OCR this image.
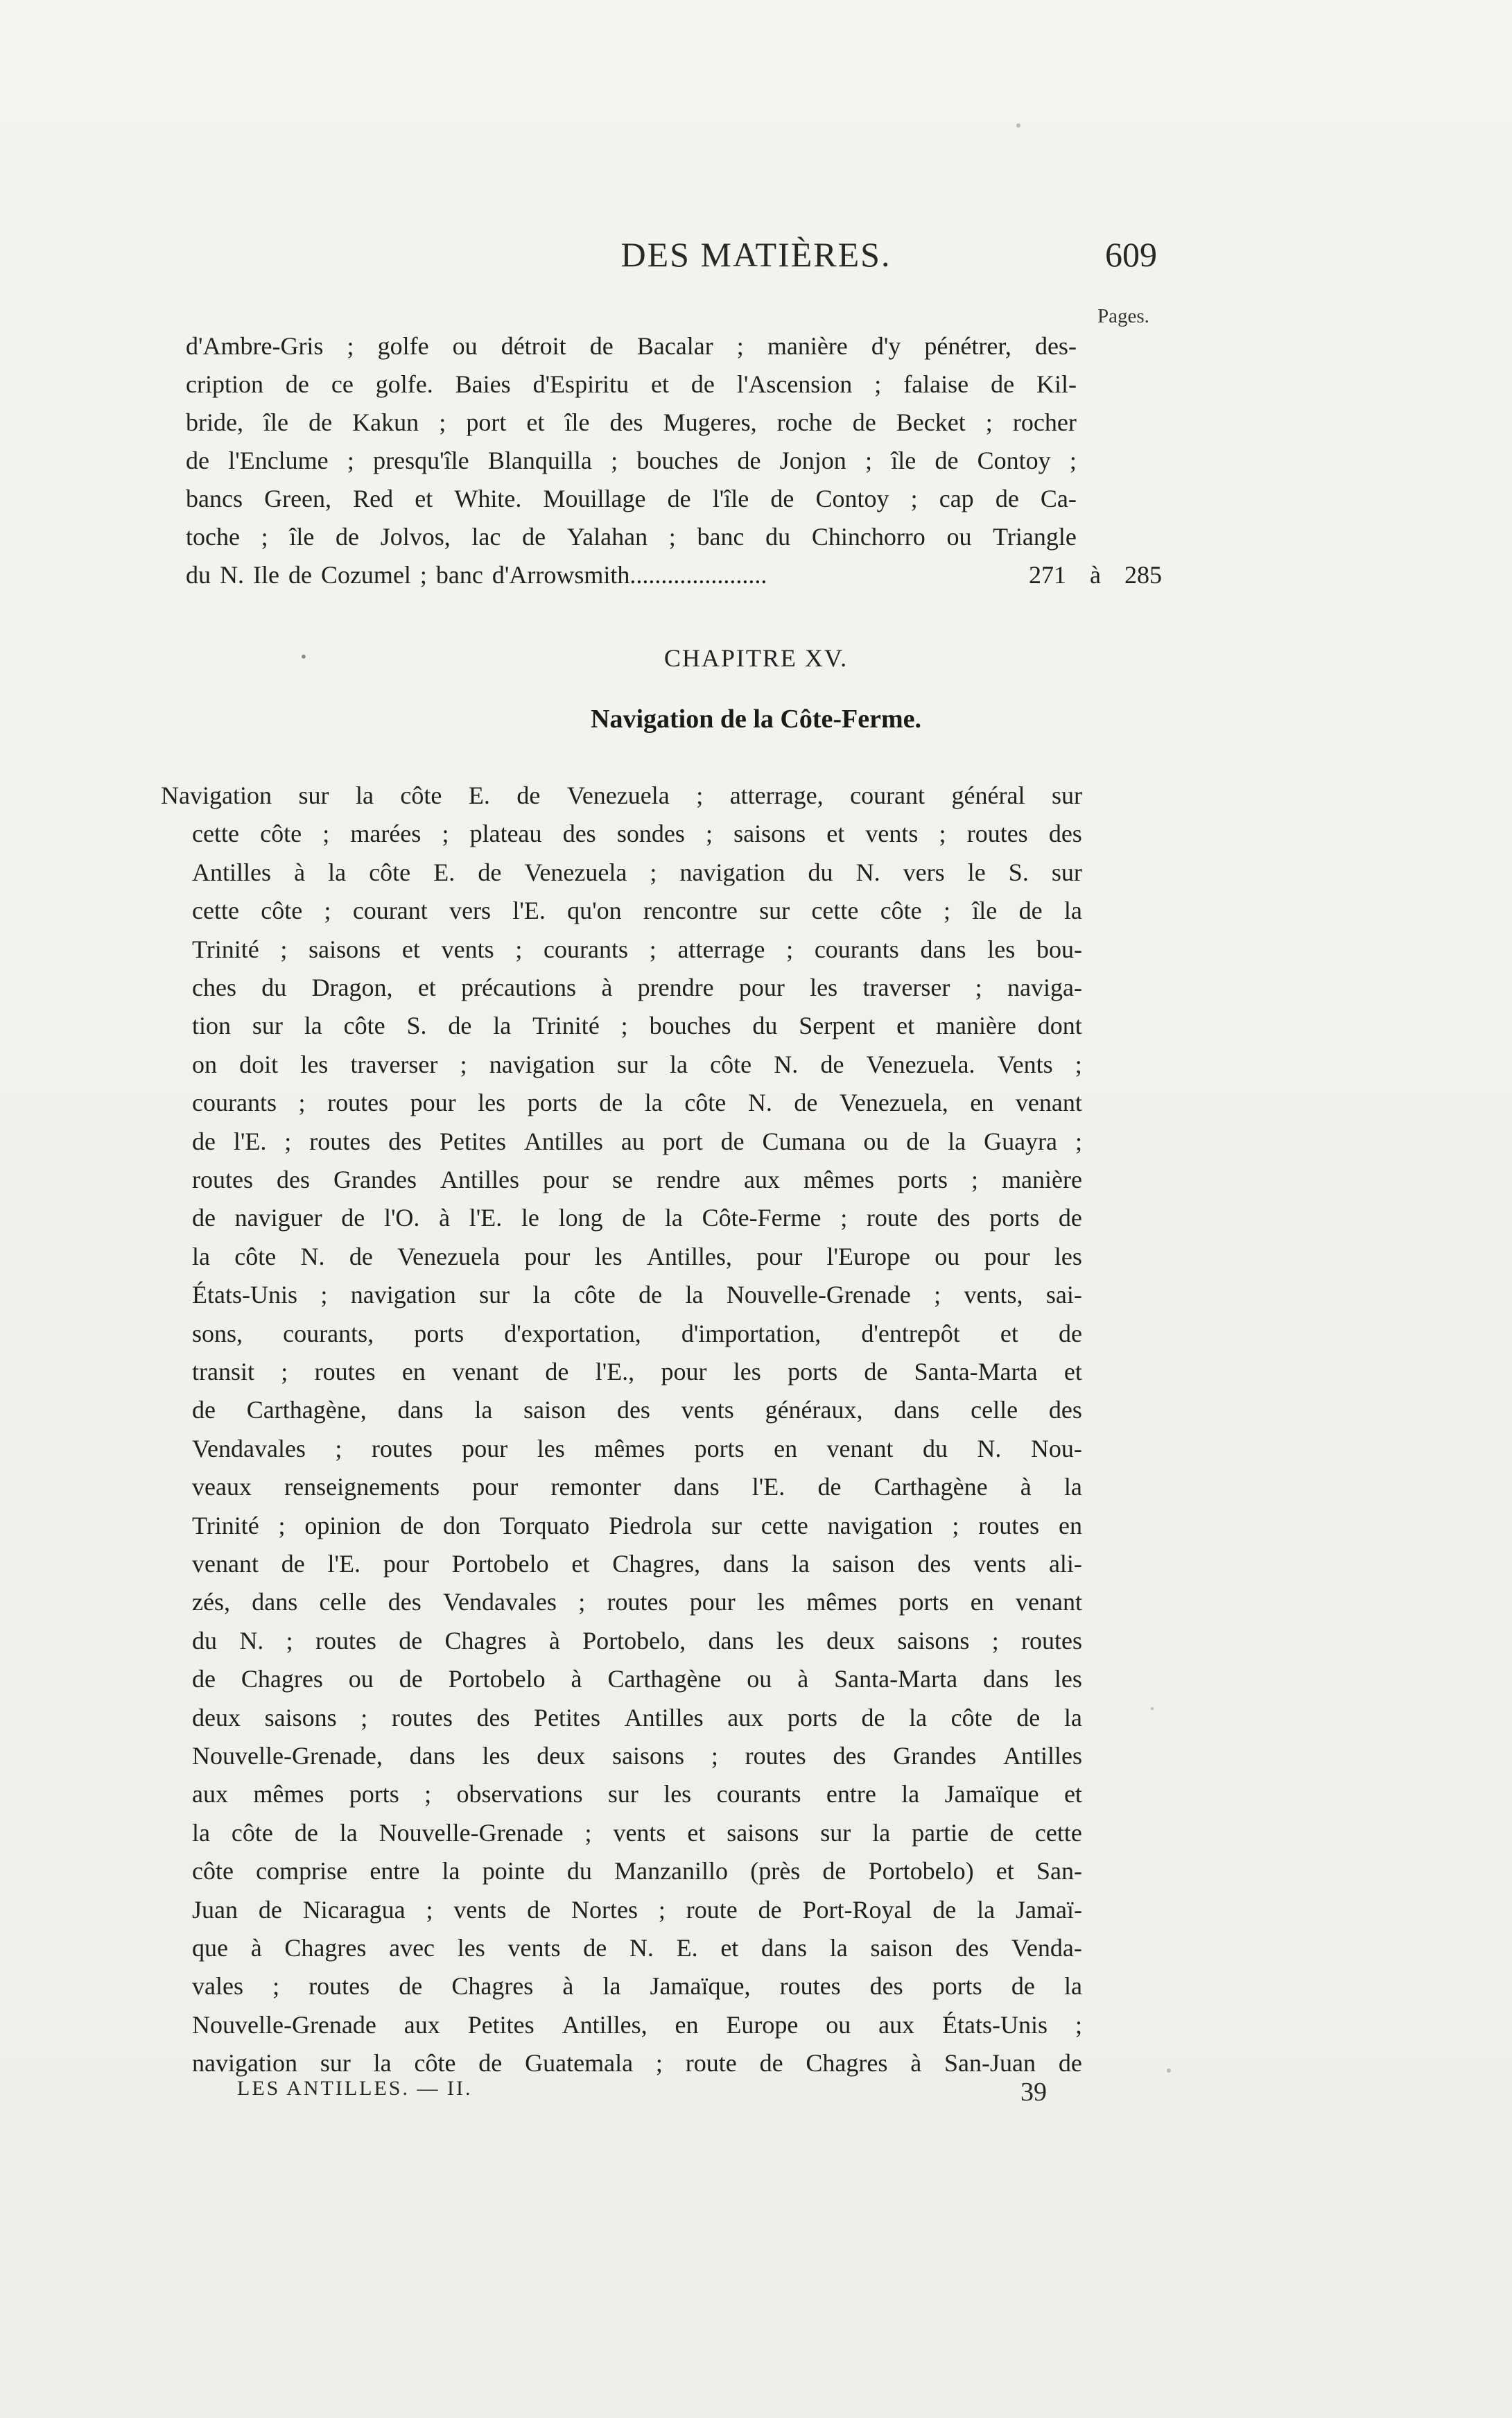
DES MATIÈRES.	609
Pages.
d'Ambre-Gris ; golfe ou détroit de Bacalar ; manière d'y pénétrer, des-
cription de ce golfe. Baies d'Espiritu et de l'Ascension ; falaise de Kil-
bride, île de Kakun ; port et île des Mugeres, roche de Becket ; rocher
de l'Enclume ; presqu'île Blanquilla ; bouches de Jonjon ; île de Contoy ;
bancs Green, Red et White. Mouillage de l'île de Contoy ; cap de Ca-
toche ; île de Jolvos, lac de Yalahan ; banc du Chinchorro ou Triangle
du N. Ile de Cozumel ; banc d'Arrowsmith......................	271 à 285
•	CHAPITRE XV.
Navigation de la Côte-Ferme.
Navigation sur la côte E. de Venezuela ; atterrage, courant général sur
cette côte ; marées ; plateau des sondes ; saisons et vents ; routes des
Antilles à la côte E. de Venezuela ; navigation du N. vers le S. sur
cette côte ; courant vers l'E. qu'on rencontre sur cette côte ; île de la
Trinité ; saisons et vents ; courants ; atterrage ; courants dans les bou-
ches du Dragon, et précautions à prendre pour les traverser ; naviga-
tion sur la côte S. de la Trinité ; bouches du Serpent et manière dont
on doit les traverser ; navigation sur la côte N. de Venezuela. Vents ;
courants ; routes pour les ports de la côte N. de Venezuela, en venant
de l'E. ; routes des Petites Antilles au port de Cumana ou de la Guayra ;
routes des Grandes Antilles pour se rendre aux mêmes ports ; manière
de naviguer de l'O. à l'E. le long de la Côte-Ferme ; route des ports de
la côte N. de Venezuela pour les Antilles, pour l'Europe ou pour les
États-Unis ; navigation sur la côte de la Nouvelle-Grenade ; vents, sai-
sons, courants, ports d'exportation, d'importation, d'entrepôt et de
transit ; routes en venant de l'E., pour les ports de Santa-Marta et
de Carthagène, dans la saison des vents généraux, dans celle des
Vendavales ; routes pour les mêmes ports en venant du N. Nou-
veaux renseignements pour remonter dans l'E. de Carthagène à la
Trinité ; opinion de don Torquato Piedrola sur cette navigation ; routes en
venant de l'E. pour Portobelo et Chagres, dans la saison des vents ali-
zés, dans celle des Vendavales ; routes pour les mêmes ports en venant
du N. ; routes de Chagres à Portobelo, dans les deux saisons ; routes
de Chagres ou de Portobelo à Carthagène ou à Santa-Marta dans les
deux saisons ; routes des Petites Antilles aux ports de la côte de la
Nouvelle-Grenade, dans les deux saisons ; routes des Grandes Antilles
aux mêmes ports ; observations sur les courants entre la Jamaïque et
la côte de la Nouvelle-Grenade ; vents et saisons sur la partie de cette
côte comprise entre la pointe du Manzanillo (près de Portobelo) et San-
Juan de Nicaragua ; vents de Nortes ; route de Port-Royal de la Jamaï-
que à Chagres avec les vents de N. E. et dans la saison des Venda-
vales ; routes de Chagres à la Jamaïque, routes des ports de la
Nouvelle-Grenade aux Petites Antilles, en Europe ou aux États-Unis ;
navigation sur la côte de Guatemala ; route de Chagres à San-Juan de
LES ANTILLES. — II.	39
